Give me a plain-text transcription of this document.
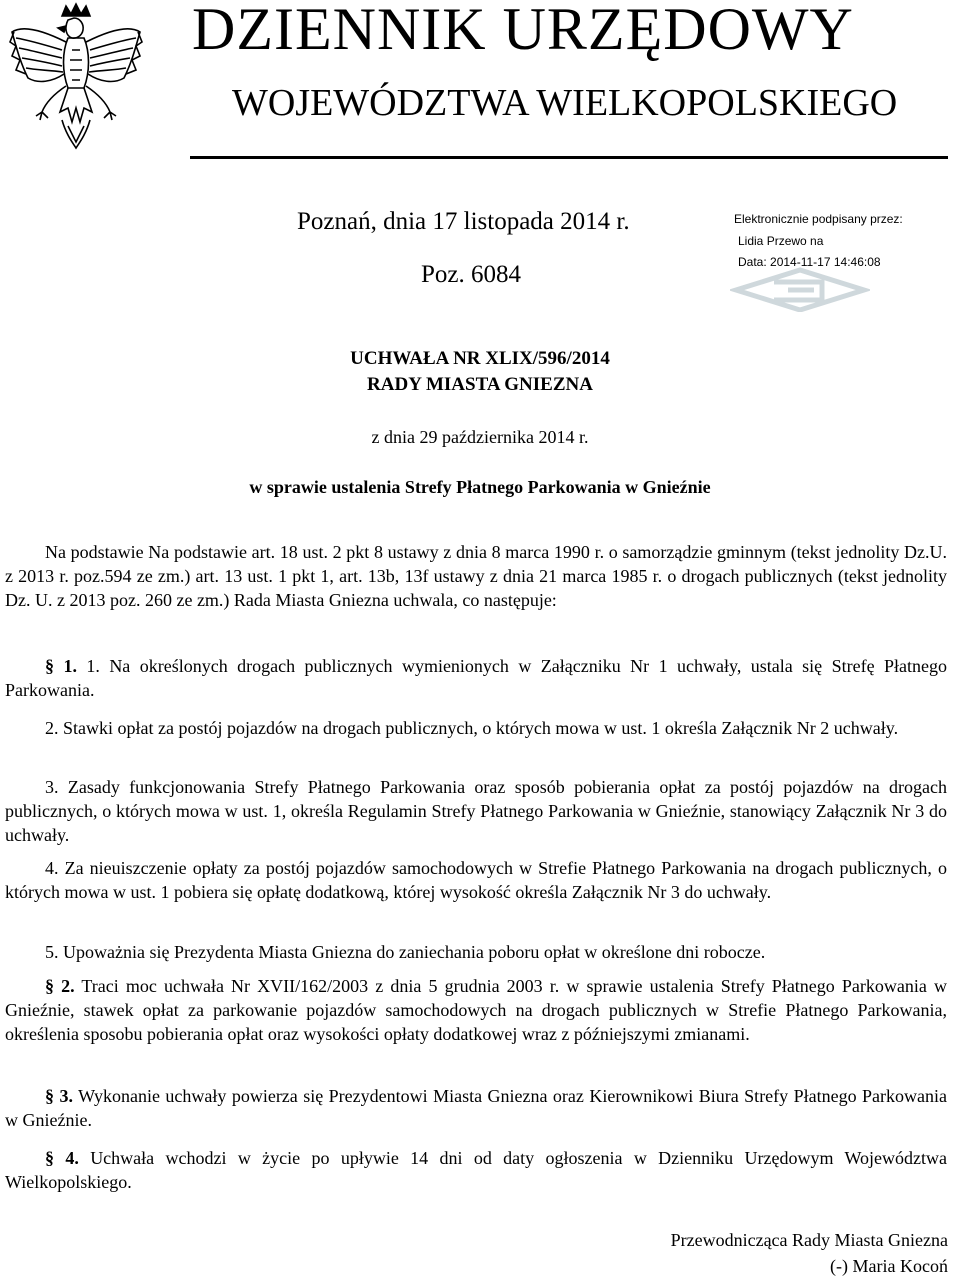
DZIENNIK URZĘDOWY
WOJEWÓDZTWA WIELKOPOLSKIEGO
Poznań, dnia 17 listopada 2014 r.
Poz. 6084
Elektronicznie podpisany przez:
Lidia Przewo na
Data: 2014-11-17 14:46:08
UCHWAŁA NR XLIX/596/2014
RADY MIASTA GNIEZNA
z dnia 29 października 2014 r.
w sprawie ustalenia Strefy Płatnego Parkowania w Gnieźnie
Na podstawie Na podstawie art. 18 ust. 2 pkt 8 ustawy z dnia 8 marca 1990 r. o samorządzie gminnym (tekst jednolity Dz.U. z 2013 r. poz.594 ze zm.) art. 13 ust. 1 pkt 1, art. 13b, 13f ustawy z dnia 21 marca 1985 r. o drogach publicznych (tekst jednolity Dz. U. z 2013 poz. 260 ze zm.) Rada Miasta Gniezna uchwala, co następuje:
§ 1. 1. Na określonych drogach publicznych wymienionych w Załączniku Nr 1 uchwały, ustala się Strefę Płatnego Parkowania.
2. Stawki opłat za postój pojazdów na drogach publicznych, o których mowa w ust. 1 określa Załącznik Nr 2 uchwały.
3. Zasady funkcjonowania Strefy Płatnego Parkowania oraz sposób pobierania opłat za postój pojazdów na drogach publicznych, o których mowa w ust. 1, określa Regulamin Strefy Płatnego Parkowania w Gnieźnie, stanowiący Załącznik Nr 3 do uchwały.
4. Za nieuiszczenie opłaty za postój pojazdów samochodowych w Strefie Płatnego Parkowania na drogach publicznych, o których mowa w ust. 1 pobiera się opłatę dodatkową, której wysokość określa Załącznik Nr 3 do uchwały.
5. Upoważnia się Prezydenta Miasta Gniezna do zaniechania poboru opłat w określone dni robocze.
§ 2. Traci moc uchwała Nr XVII/162/2003 z dnia 5 grudnia 2003 r. w sprawie ustalenia Strefy Płatnego Parkowania w Gnieźnie, stawek opłat za parkowanie pojazdów samochodowych na drogach publicznych w Strefie Płatnego Parkowania, określenia sposobu pobierania opłat oraz wysokości opłaty dodatkowej wraz z późniejszymi zmianami.
§ 3. Wykonanie uchwały powierza się Prezydentowi Miasta Gniezna oraz Kierownikowi Biura Strefy Płatnego Parkowania w Gnieźnie.
§ 4. Uchwała wchodzi w życie po upływie 14 dni od daty ogłoszenia w Dzienniku Urzędowym Województwa Wielkopolskiego.
Przewodnicząca Rady Miasta Gniezna
(-) Maria Kocoń
